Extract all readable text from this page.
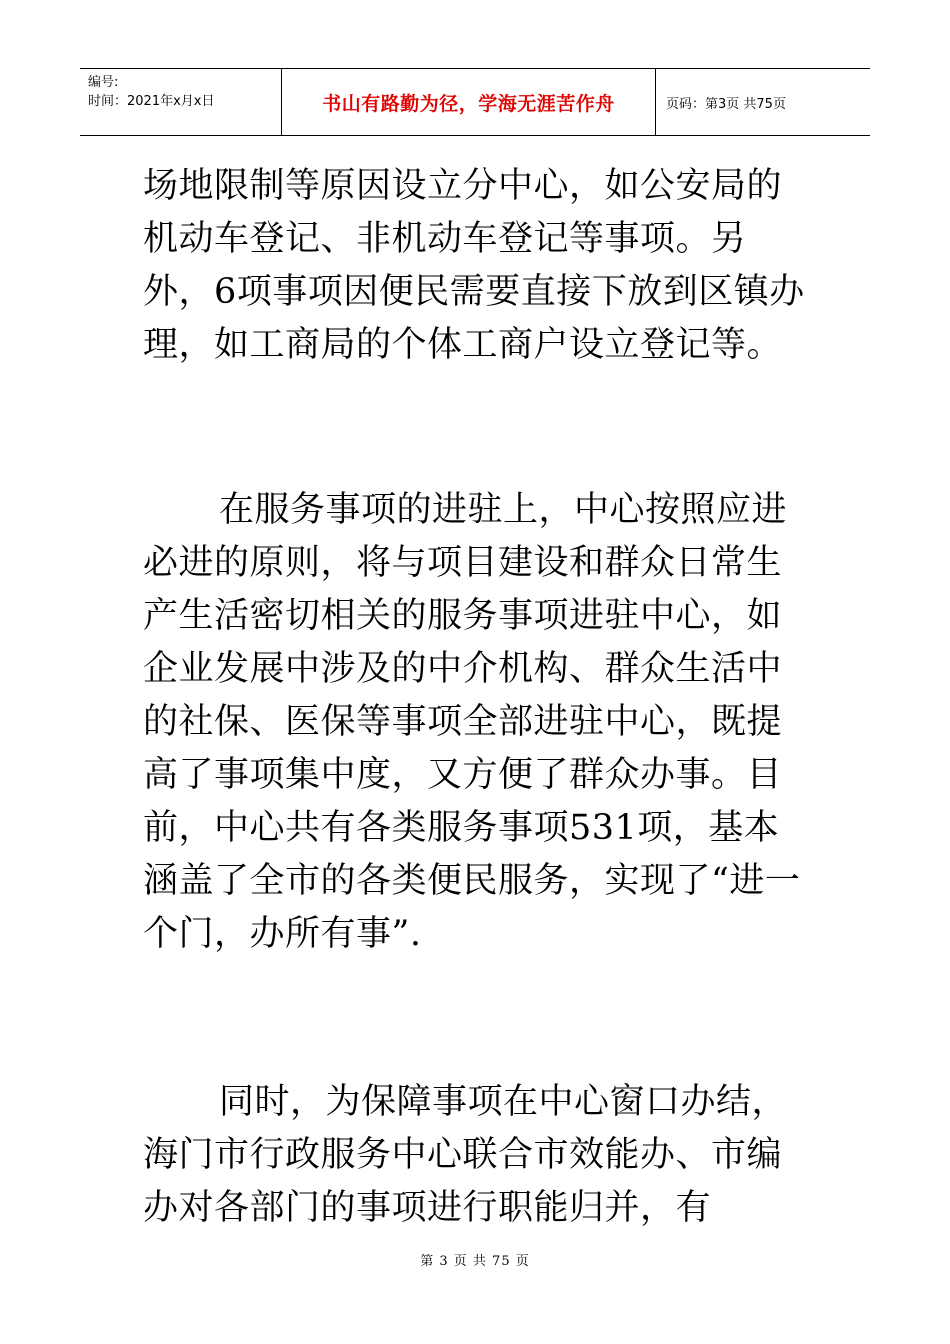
编号:
时间：2021年x月x日	书山有路勤为径，学海无涯苦作舟	页码：第3页 共75页

场地限制等原因设立分中心，如公安局的机动车登记、非机动车登记等事项。另外，6项事项因便民需要直接下放到区镇办理，如工商局的个体工商户设立登记等。

在服务事项的进驻上，中心按照应进必进的原则，将与项目建设和群众日常生产生活密切相关的服务事项进驻中心，如企业发展中涉及的中介机构、群众生活中的社保、医保等事项全部进驻中心，既提高了事项集中度，又方便了群众办事。目前，中心共有各类服务事项531项，基本涵盖了全市的各类便民服务，实现了“进一个门，办所有事”.

同时，为保障事项在中心窗口办结，海门市行政服务中心联合市效能办、市编办对各部门的事项进行职能归并，有

第 3 页 共 75 页
